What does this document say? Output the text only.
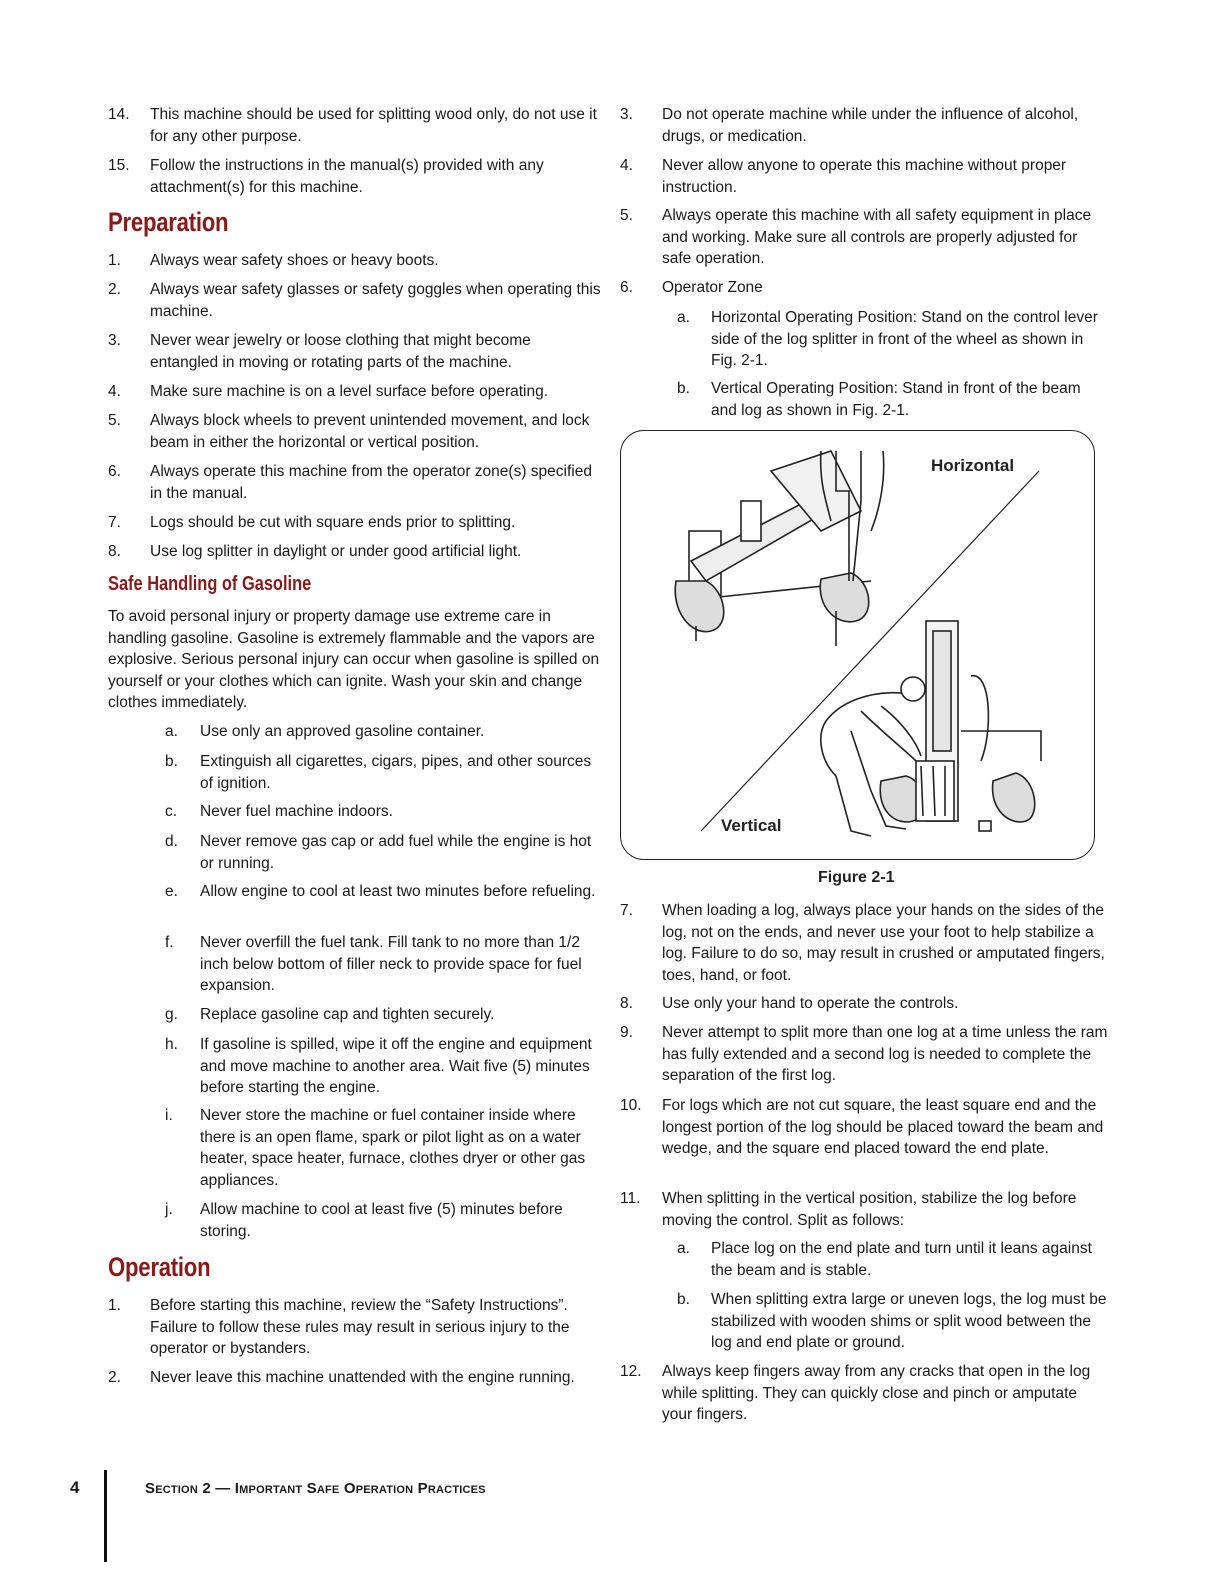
14. This machine should be used for splitting wood only, do not use it for any other purpose.
15. Follow the instructions in the manual(s) provided with any attachment(s) for this machine.
Preparation
1. Always wear safety shoes or heavy boots.
2. Always wear safety glasses or safety goggles when operating this machine.
3. Never wear jewelry or loose clothing that might become entangled in moving or rotating parts of the machine.
4. Make sure machine is on a level surface before operating.
5. Always block wheels to prevent unintended movement, and lock beam in either the horizontal or vertical position.
6. Always operate this machine from the operator zone(s) specified in the manual.
7. Logs should be cut with square ends prior to splitting.
8. Use log splitter in daylight or under good artificial light.
Safe Handling of Gasoline
To avoid personal injury or property damage use extreme care in handling gasoline. Gasoline is extremely flammable and the vapors are explosive. Serious personal injury can occur when gasoline is spilled on yourself or your clothes which can ignite. Wash your skin and change clothes immediately.
a. Use only an approved gasoline container.
b. Extinguish all cigarettes, cigars, pipes, and other sources of ignition.
c. Never fuel machine indoors.
d. Never remove gas cap or add fuel while the engine is hot or running.
e. Allow engine to cool at least two minutes before refueling.
f. Never overfill the fuel tank. Fill tank to no more than 1/2 inch below bottom of filler neck to provide space for fuel expansion.
g. Replace gasoline cap and tighten securely.
h. If gasoline is spilled, wipe it off the engine and equipment and move machine to another area. Wait five (5) minutes before starting the engine.
i. Never store the machine or fuel container inside where there is an open flame, spark or pilot light as on a water heater, space heater, furnace, clothes dryer or other gas appliances.
j. Allow machine to cool at least five (5) minutes before storing.
Operation
1. Before starting this machine, review the “Safety Instructions”. Failure to follow these rules may result in serious injury to the operator or bystanders.
2. Never leave this machine unattended with the engine running.
3. Do not operate machine while under the influence of alcohol, drugs, or medication.
4. Never allow anyone to operate this machine without proper instruction.
5. Always operate this machine with all safety equipment in place and working. Make sure all controls are properly adjusted for safe operation.
6. Operator Zone
a. Horizontal Operating Position: Stand on the control lever side of the log splitter in front of the wheel as shown in Fig. 2-1.
b. Vertical Operating Position: Stand in front of the beam and log as shown in Fig. 2-1.
7. When loading a log, always place your hands on the sides of the log, not on the ends, and never use your foot to help stabilize a log. Failure to do so, may result in crushed or amputated fingers, toes, hand, or foot.
8. Use only your hand to operate the controls.
9. Never attempt to split more than one log at a time unless the ram has fully extended and a second log is needed to complete the separation of the first log.
10. For logs which are not cut square, the least square end and the longest portion of the log should be placed toward the beam and wedge, and the square end placed toward the end plate.
11. When splitting in the vertical position, stabilize the log before moving the control. Split as follows:
a. Place log on the end plate and turn until it leans against the beam and is stable.
b. When splitting extra large or uneven logs, the log must be stabilized with wooden shims or split wood between the log and end plate or ground.
12. Always keep fingers away from any cracks that open in the log while splitting. They can quickly close and pinch or amputate your fingers.
Horizontal
Vertical
Figure 2-1
4	Section 2 — Important Safe Operation Practices
